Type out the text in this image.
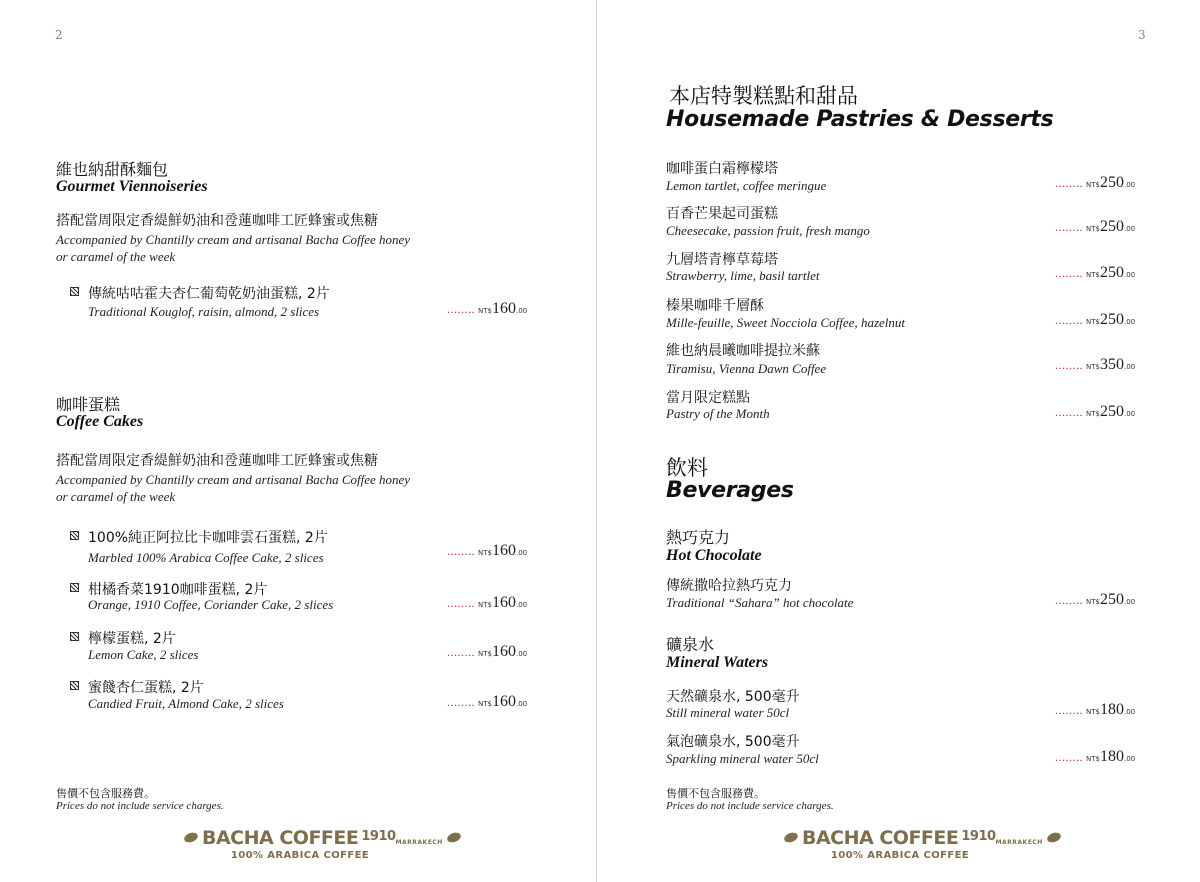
2
維也納甜酥麵包
Gourmet Viennoiseries
搭配當周限定香緹鮮奶油和卺蓮咖啡工匠蜂蜜或焦糖
Accompanied by Chantilly cream and artisanal Bacha Coffee honey
or caramel of the week
傳統咕咕霍夫杏仁葡萄乾奶油蛋糕, 2片
Traditional Kouglof, raisin, almond, 2 slices	........ NT$160.00
咖啡蛋糕
Coffee Cakes
搭配當周限定香緹鮮奶油和卺蓮咖啡工匠蜂蜜或焦糖
Accompanied by Chantilly cream and artisanal Bacha Coffee honey
or caramel of the week
100%純正阿拉比卡咖啡雲石蛋糕, 2片
Marbled 100% Arabica Coffee Cake, 2 slices	........ NT$160.00
柑橘香菜1910咖啡蛋糕, 2片
Orange, 1910 Coffee, Coriander Cake, 2 slices	........ NT$160.00
檸檬蛋糕, 2片
Lemon Cake, 2 slices	........ NT$160.00
蜜餞杏仁蛋糕, 2片
Candied Fruit, Almond Cake, 2 slices	........ NT$160.00
售價不包含服務費。
Prices do not include service charges.
BACHA COFFEE $^{1910}$MARRAKECH
100% ARABICA COFFEE
3
本店特製糕點和甜品
Housemade Pastries & Desserts
咖啡蛋白霜檸檬塔
Lemon tartlet, coffee meringue	........ NT$250.00
百香芒果起司蛋糕
Cheesecake, passion fruit, fresh mango	........ NT$250.00
九層塔青檸草莓塔
Strawberry, lime, basil tartlet	........ NT$250.00
榛果咖啡千層酥
Mille-feuille, Sweet Nocciola Coffee, hazelnut	........ NT$250.00
維也納晨曦咖啡提拉米蘇
Tiramisu, Vienna Dawn Coffee	........ NT$350.00
當月限定糕點
Pastry of the Month	........ NT$250.00
飲料
Beverages
熱巧克力
Hot Chocolate
傳統撒哈拉熱巧克力
Traditional “Sahara” hot chocolate	........ NT$250.00
礦泉水
Mineral Waters
天然礦泉水, 500毫升
Still mineral water 50cl	........ NT$180.00
氣泡礦泉水, 500毫升
Sparkling mineral water 50cl	........ NT$180.00
售價不包含服務費。
Prices do not include service charges.
BACHA COFFEE $^{1910}$MARRAKECH
100% ARABICA COFFEE
